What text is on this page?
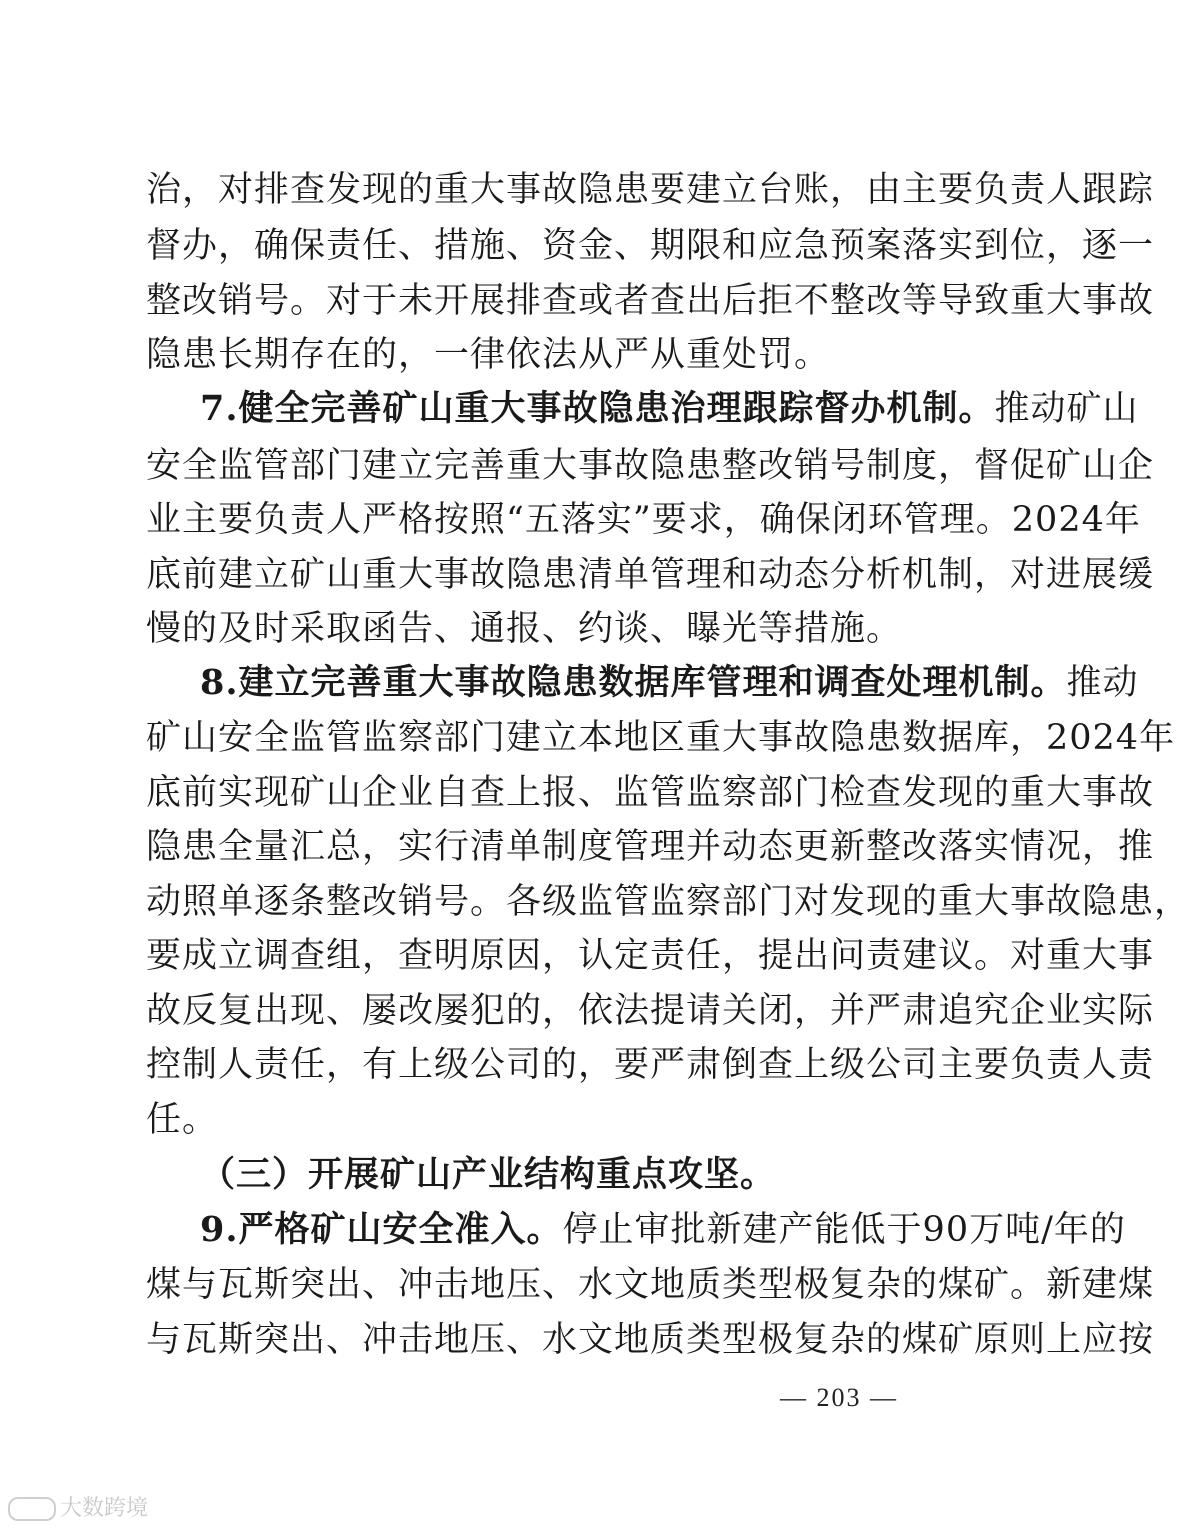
治，对排查发现的重大事故隐患要建立台账，由主要负责人跟踪
督办，确保责任、措施、资金、期限和应急预案落实到位，逐一
整改销号。对于未开展排查或者查出后拒不整改等导致重大事故
隐患长期存在的，一律依法从严从重处罚。
7.健全完善矿山重大事故隐患治理跟踪督办机制。推动矿山
安全监管部门建立完善重大事故隐患整改销号制度，督促矿山企
业主要负责人严格按照“五落实”要求，确保闭环管理。2024年
底前建立矿山重大事故隐患清单管理和动态分析机制，对进展缓
慢的及时采取函告、通报、约谈、曝光等措施。
8.建立完善重大事故隐患数据库管理和调查处理机制。推动
矿山安全监管监察部门建立本地区重大事故隐患数据库，2024年
底前实现矿山企业自查上报、监管监察部门检查发现的重大事故
隐患全量汇总，实行清单制度管理并动态更新整改落实情况，推
动照单逐条整改销号。各级监管监察部门对发现的重大事故隐患，
要成立调查组，查明原因，认定责任，提出问责建议。对重大事
故反复出现、屡改屡犯的，依法提请关闭，并严肃追究企业实际
控制人责任，有上级公司的，要严肃倒查上级公司主要负责人责
任。
（三）开展矿山产业结构重点攻坚。
9.严格矿山安全准入。停止审批新建产能低于90万吨/年的
煤与瓦斯突出、冲击地压、水文地质类型极复杂的煤矿。新建煤
与瓦斯突出、冲击地压、水文地质类型极复杂的煤矿原则上应按
— 203 —
大数跨境
